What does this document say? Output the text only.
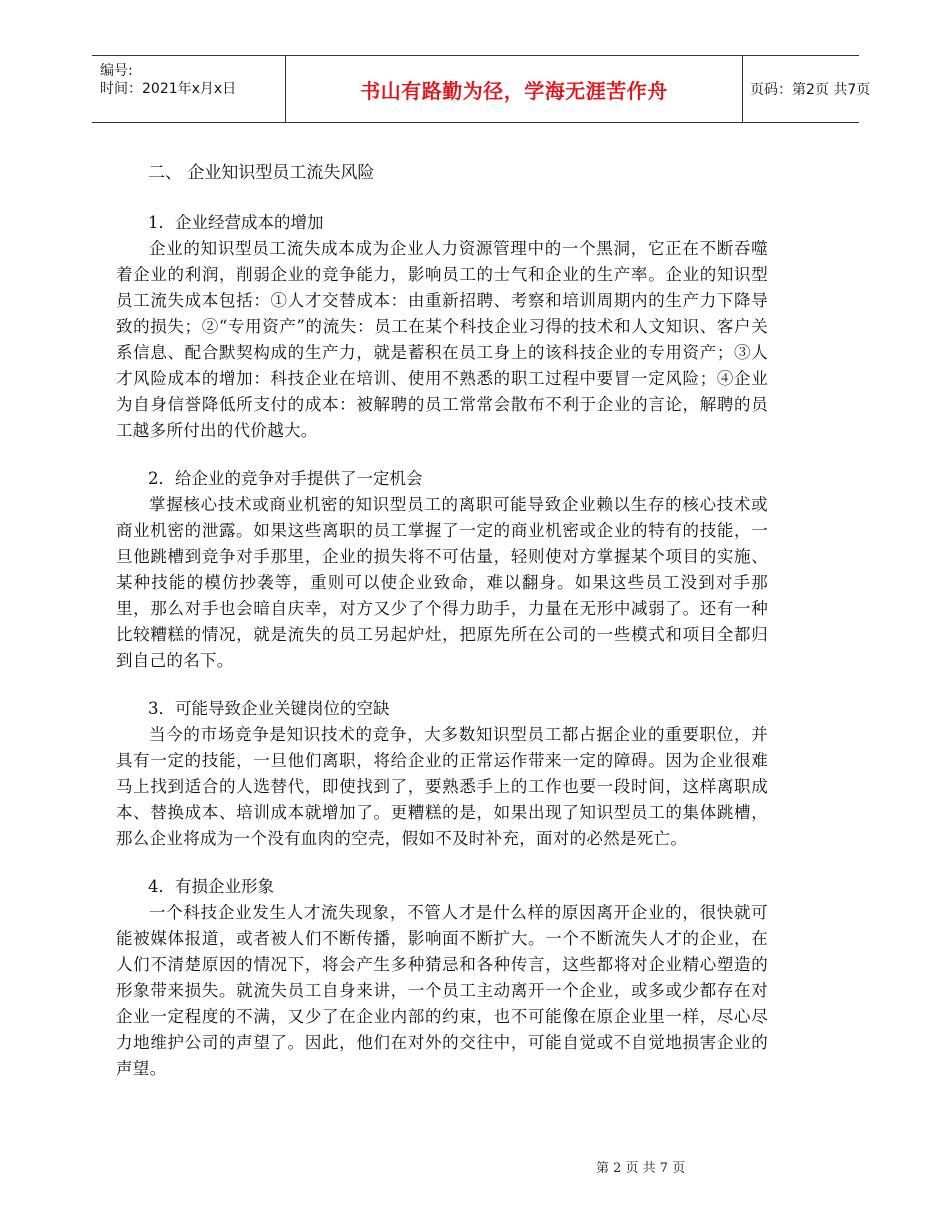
编号:
时间：2021年x月x日	书山有路勤为径，学海无涯苦作舟	页码：第2页 共7页
二、 企业知识型员工流失风险
1．企业经营成本的增加

企业的知识型员工流失成本成为企业人力资源管理中的一个黑洞，它正在不断吞噬着企业的利润，削弱企业的竞争能力，影响员工的士气和企业的生产率。企业的知识型员工流失成本包括：①人才交替成本：由重新招聘、考察和培训周期内的生产力下降导致的损失；②“专用资产”的流失：员工在某个科技企业习得的技术和人文知识、客户关系信息、配合默契构成的生产力，就是蓄积在员工身上的该科技企业的专用资产；③人才风险成本的增加：科技企业在培训、使用不熟悉的职工过程中要冒一定风险；④企业为自身信誉降低所支付的成本：被解聘的员工常常会散布不利于企业的言论，解聘的员工越多所付出的代价越大。

2．给企业的竞争对手提供了一定机会

掌握核心技术或商业机密的知识型员工的离职可能导致企业赖以生存的核心技术或商业机密的泄露。如果这些离职的员工掌握了一定的商业机密或企业的特有的技能，一旦他跳槽到竞争对手那里，企业的损失将不可估量，轻则使对方掌握某个项目的实施、某种技能的模仿抄袭等，重则可以使企业致命，难以翻身。如果这些员工没到对手那里，那么对手也会暗自庆幸，对方又少了个得力助手，力量在无形中减弱了。还有一种比较糟糕的情况，就是流失的员工另起炉灶，把原先所在公司的一些模式和项目全都归到自己的名下。

3．可能导致企业关键岗位的空缺

当今的市场竞争是知识技术的竞争，大多数知识型员工都占据企业的重要职位，并具有一定的技能，一旦他们离职，将给企业的正常运作带来一定的障碍。因为企业很难马上找到适合的人选替代，即使找到了，要熟悉手上的工作也要一段时间，这样离职成本、替换成本、培训成本就增加了。更糟糕的是，如果出现了知识型员工的集体跳槽，那么企业将成为一个没有血肉的空壳，假如不及时补充，面对的必然是死亡。

4．有损企业形象

一个科技企业发生人才流失现象，不管人才是什么样的原因离开企业的，很快就可能被媒体报道，或者被人们不断传播，影响面不断扩大。一个不断流失人才的企业，在人们不清楚原因的情况下，将会产生多种猜忌和各种传言，这些都将对企业精心塑造的形象带来损失。就流失员工自身来讲，一个员工主动离开一个企业，或多或少都存在对企业一定程度的不满，又少了在企业内部的约束，也不可能像在原企业里一样，尽心尽力地维护公司的声望了。因此，他们在对外的交往中，可能自觉或不自觉地损害企业的声望。

第 2 页 共 7 页
